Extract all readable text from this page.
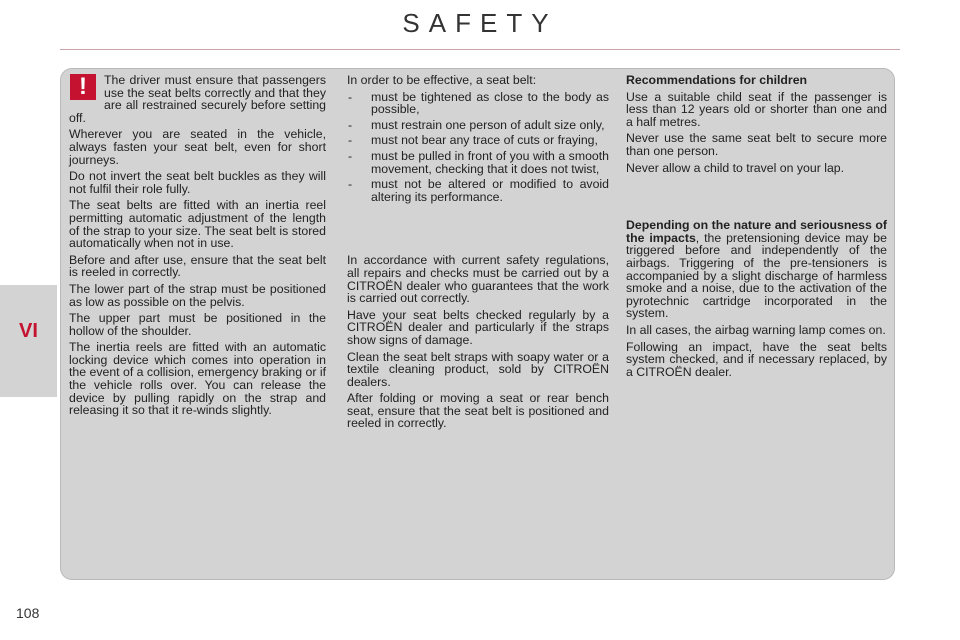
SAFETY
VI
!	The driver must ensure that passengers use the seat belts correctly and that they are all restrained securely before setting off.

Wherever you are seated in the vehicle, always fasten your seat belt, even for short journeys.

Do not invert the seat belt buckles as they will not fulfil their role fully.

The seat belts are fitted with an inertia reel permitting automatic adjustment of the length of the strap to your size. The seat belt is stored automatically when not in use.

Before and after use, ensure that the seat belt is reeled in correctly.

The lower part of the strap must be positioned as low as possible on the pelvis.

The upper part must be positioned in the hollow of the shoulder.

The inertia reels are fitted with an automatic locking device which comes into operation in the event of a collision, emergency braking or if the vehicle rolls over. You can release the device by pulling rapidly on the strap and releasing it so that it re-winds slightly.

In order to be effective, a seat belt:

- must be tightened as close to the body as possible,
- must restrain one person of adult size only,
- must not bear any trace of cuts or fraying,
- must be pulled in front of you with a smooth movement, checking that it does not twist,
- must not be altered or modified to avoid altering its performance.

In accordance with current safety regulations, all repairs and checks must be carried out by a CITROËN dealer who guarantees that the work is carried out correctly.

Have your seat belts checked regularly by a CITROËN dealer and particularly if the straps show signs of damage.

Clean the seat belt straps with soapy water or a textile cleaning product, sold by CITROËN dealers.

After folding or moving a seat or rear bench seat, ensure that the seat belt is positioned and reeled in correctly.

Recommendations for children

Use a suitable child seat if the passenger is less than 12 years old or shorter than one and a half metres.

Never use the same seat belt to secure more than one person.

Never allow a child to travel on your lap.

Depending on the nature and seriousness of the impacts, the pretensioning device may be triggered before and independently of the airbags. Triggering of the pre-tensioners is accompanied by a slight discharge of harmless smoke and a noise, due to the activation of the pyrotechnic cartridge incorporated in the system.

In all cases, the airbag warning lamp comes on.

Following an impact, have the seat belts system checked, and if necessary replaced, by a CITROËN dealer.

108
